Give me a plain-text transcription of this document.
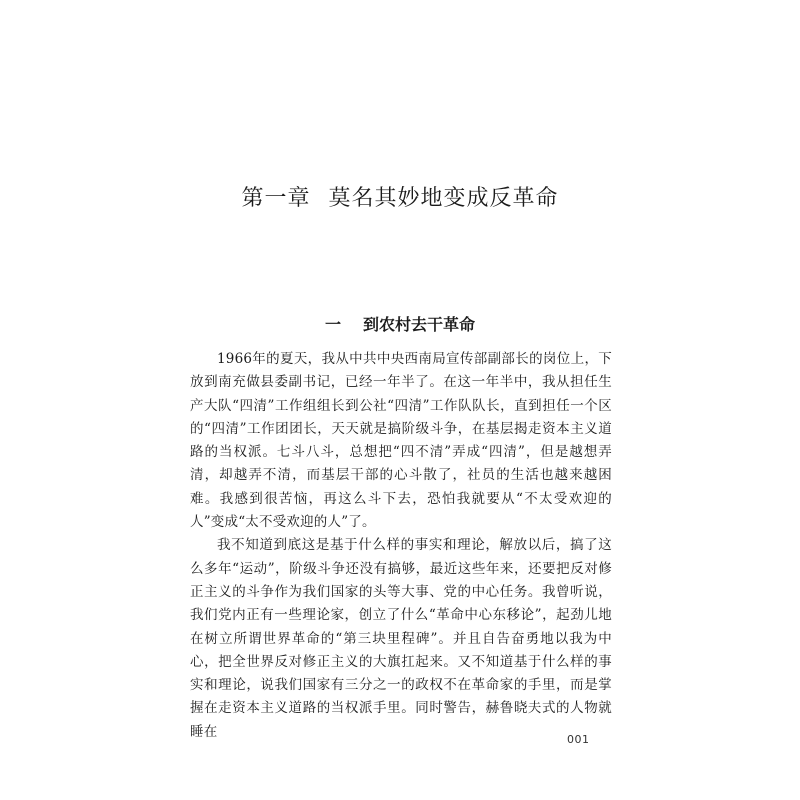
第一章 莫名其妙地变成反革命
一 到农村去干革命

1966年的夏天，我从中共中央西南局宣传部副部长的岗位上，下放到南充做县委副书记，已经一年半了。在这一年半中，我从担任生产大队“四清”工作组组长到公社“四清”工作队队长，直到担任一个区的“四清”工作团团长，天天就是搞阶级斗争，在基层揭走资本主义道路的当权派。七斗八斗，总想把“四不清”弄成“四清”，但是越想弄清，却越弄不清，而基层干部的心斗散了，社员的生活也越来越困难。我感到很苦恼，再这么斗下去，恐怕我就要从“不太受欢迎的人”变成“太不受欢迎的人”了。

我不知道到底这是基于什么样的事实和理论，解放以后，搞了这么多年“运动”，阶级斗争还没有搞够，最近这些年来，还要把反对修正主义的斗争作为我们国家的头等大事、党的中心任务。我曾听说，我们党内正有一些理论家，创立了什么“革命中心东移论”，起劲儿地在树立所谓世界革命的“第三块里程碑”。并且自告奋勇地以我为中心，把全世界反对修正主义的大旗扛起来。又不知道基于什么样的事实和理论，说我们国家有三分之一的政权不在革命家的手里，而是掌握在走资本主义道路的当权派手里。同时警告，赫鲁晓夫式的人物就睡在	001
